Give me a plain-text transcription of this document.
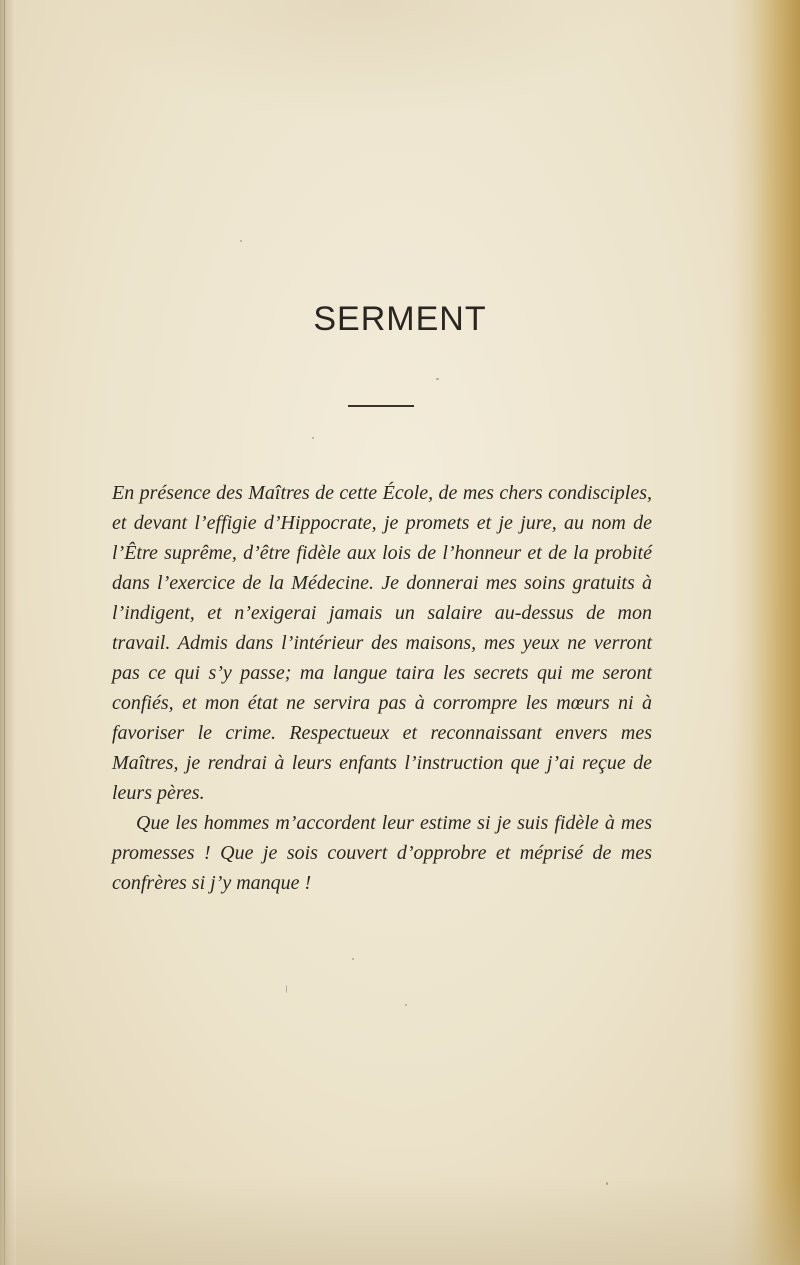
SERMENT

En présence des Maîtres de cette École, de mes chers condisciples, et devant l’effigie d’Hippocrate, je promets et je jure, au nom de l’Être suprême, d’être fidèle aux lois de l’honneur et de la probité dans l’exercice de la Médecine. Je donnerai mes soins gratuits à l’indigent, et n’exigerai jamais un salaire au-dessus de mon travail. Admis dans l’intérieur des maisons, mes yeux ne verront pas ce qui s’y passe; ma langue taira les secrets qui me seront confiés, et mon état ne servira pas à corrompre les mœurs ni à favoriser le crime. Respectueux et reconnaissant envers mes Maîtres, je rendrai à leurs enfants l’instruction que j’ai reçue de leurs pères.

Que les hommes m’accordent leur estime si je suis fidèle à mes promesses ! Que je sois couvert d’opprobre et méprisé de mes confrères si j’y manque !
